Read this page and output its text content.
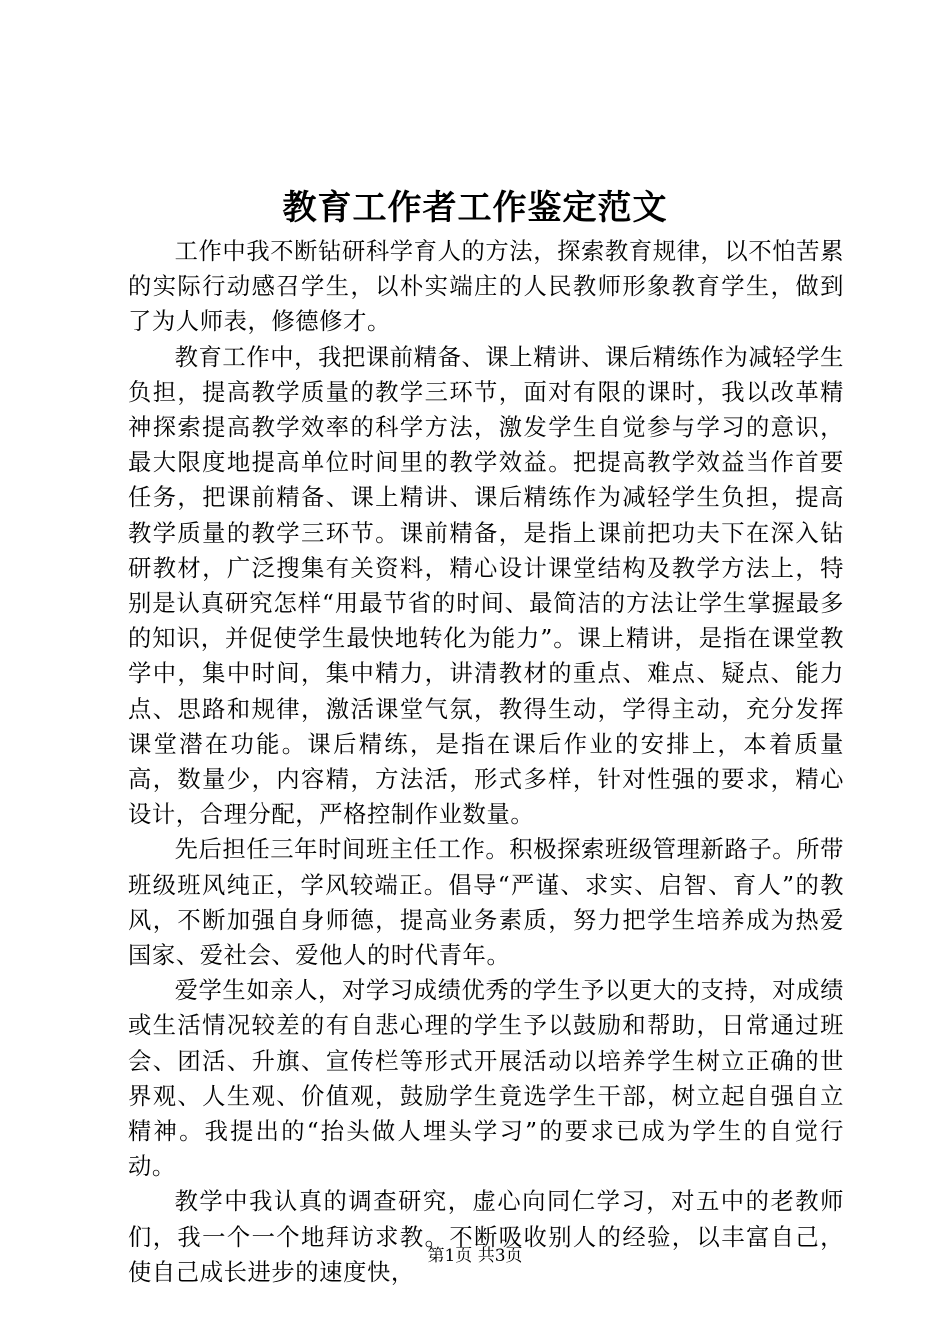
教育工作者工作鉴定范文

工作中我不断钻研科学育人的方法，探索教育规律，以不怕苦累的实际行动感召学生，以朴实端庄的人民教师形象教育学生，做到了为人师表，修德修才。

教育工作中，我把课前精备、课上精讲、课后精练作为减轻学生负担，提高教学质量的教学三环节，面对有限的课时，我以改革精神探索提高教学效率的科学方法，激发学生自觉参与学习的意识，最大限度地提高单位时间里的教学效益。把提高教学效益当作首要任务，把课前精备、课上精讲、课后精练作为减轻学生负担，提高教学质量的教学三环节。课前精备，是指上课前把功夫下在深入钻研教材，广泛搜集有关资料，精心设计课堂结构及教学方法上，特别是认真研究怎样“用最节省的时间、最简洁的方法让学生掌握最多的知识，并促使学生最快地转化为能力”。课上精讲，是指在课堂教学中，集中时间，集中精力，讲清教材的重点、难点、疑点、能力点、思路和规律，激活课堂气氛，教得生动，学得主动，充分发挥课堂潜在功能。课后精练，是指在课后作业的安排上，本着质量高，数量少，内容精，方法活，形式多样，针对性强的要求，精心设计，合理分配，严格控制作业数量。

先后担任三年时间班主任工作。积极探索班级管理新路子。所带班级班风纯正，学风较端正。倡导“严谨、求实、启智、育人”的教风，不断加强自身师德，提高业务素质，努力把学生培养成为热爱国家、爱社会、爱他人的时代青年。

爱学生如亲人，对学习成绩优秀的学生予以更大的支持，对成绩或生活情况较差的有自悲心理的学生予以鼓励和帮助，日常通过班会、团活、升旗、宣传栏等形式开展活动以培养学生树立正确的世界观、人生观、价值观，鼓励学生竟选学生干部，树立起自强自立精神。我提出的“抬头做人埋头学习”的要求已成为学生的自觉行动。

教学中我认真的调查研究，虚心向同仁学习，对五中的老教师们，我一个一个地拜访求教。不断吸收别人的经验，以丰富自己，使自己成长进步的速度快，

第1页 共3页
